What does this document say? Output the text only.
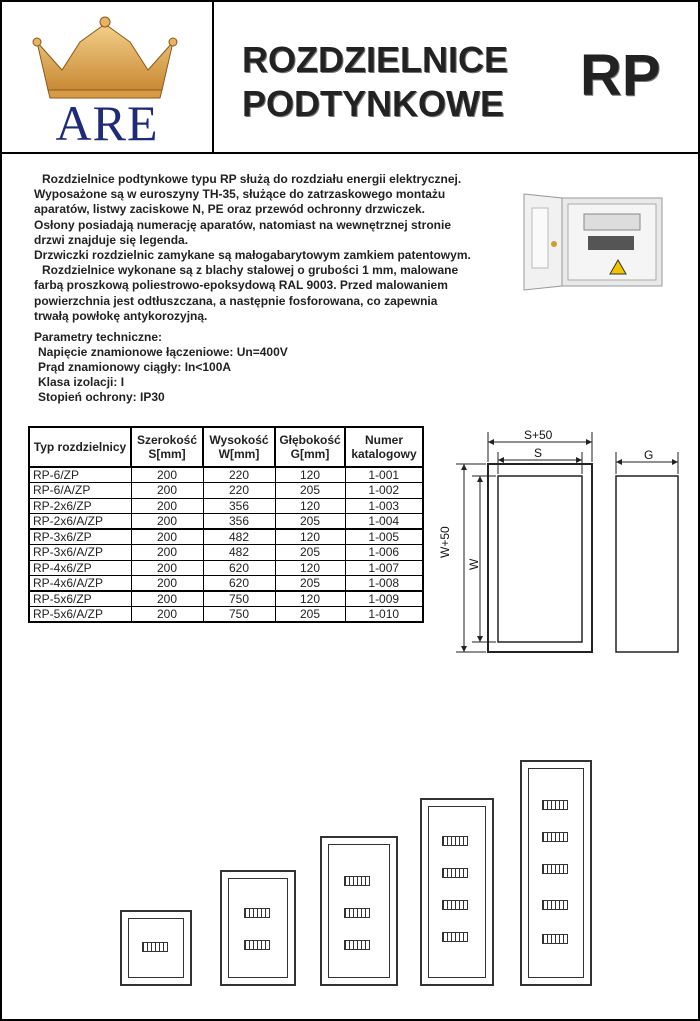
ARE
ROZDZIELNICE
PODTYNKOWE RP

Rozdzielnice podtynkowe typu RP służą do rozdziału energii elektrycznej.

Wyposażone są w euroszyny TH-35, służące do zatrzaskowego montażu

aparatów, listwy zaciskowe N, PE oraz przewód ochronny drzwiczek.

Osłony posiadają numerację aparatów, natomiast na wewnętrznej stronie

drzwi znajduje się legenda.

Drzwiczki rozdzielnic zamykane są małogabarytowym zamkiem patentowym.

Rozdzielnice wykonane są z blachy stalowej o grubości 1 mm, malowane

farbą proszkową poliestrowo-epoksydową RAL 9003. Przed malowaniem

powierzchnia jest odtłuszczana, a następnie fosforowana, co zapewnia

trwałą powłokę antykorozyjną.

Parametry techniczne:
Napięcie znamionowe łączeniowe: Un=400V
Prąd znamionowy ciągły: In<100A
Klasa izolacji: I
Stopień ochrony: IP30
Typ rozdzielnicy	Szerokość S[mm]	Wysokość W[mm]	Głębokość G[mm]	Numer katalogowy
RP-6/ZP	200	220	120	1-001
RP-6/A/ZP	200	220	205	1-002
RP-2x6/ZP	200	356	120	1-003
RP-2x6/A/ZP	200	356	205	1-004
RP-3x6/ZP	200	482	120	1-005
RP-3x6/A/ZP	200	482	205	1-006
RP-4x6/ZP	200	620	120	1-007
RP-4x6/A/ZP	200	620	205	1-008
RP-5x6/ZP	200	750	120	1-009
RP-5x6/A/ZP	200	750	205	1-010
S+50
S	G
W+50
W
